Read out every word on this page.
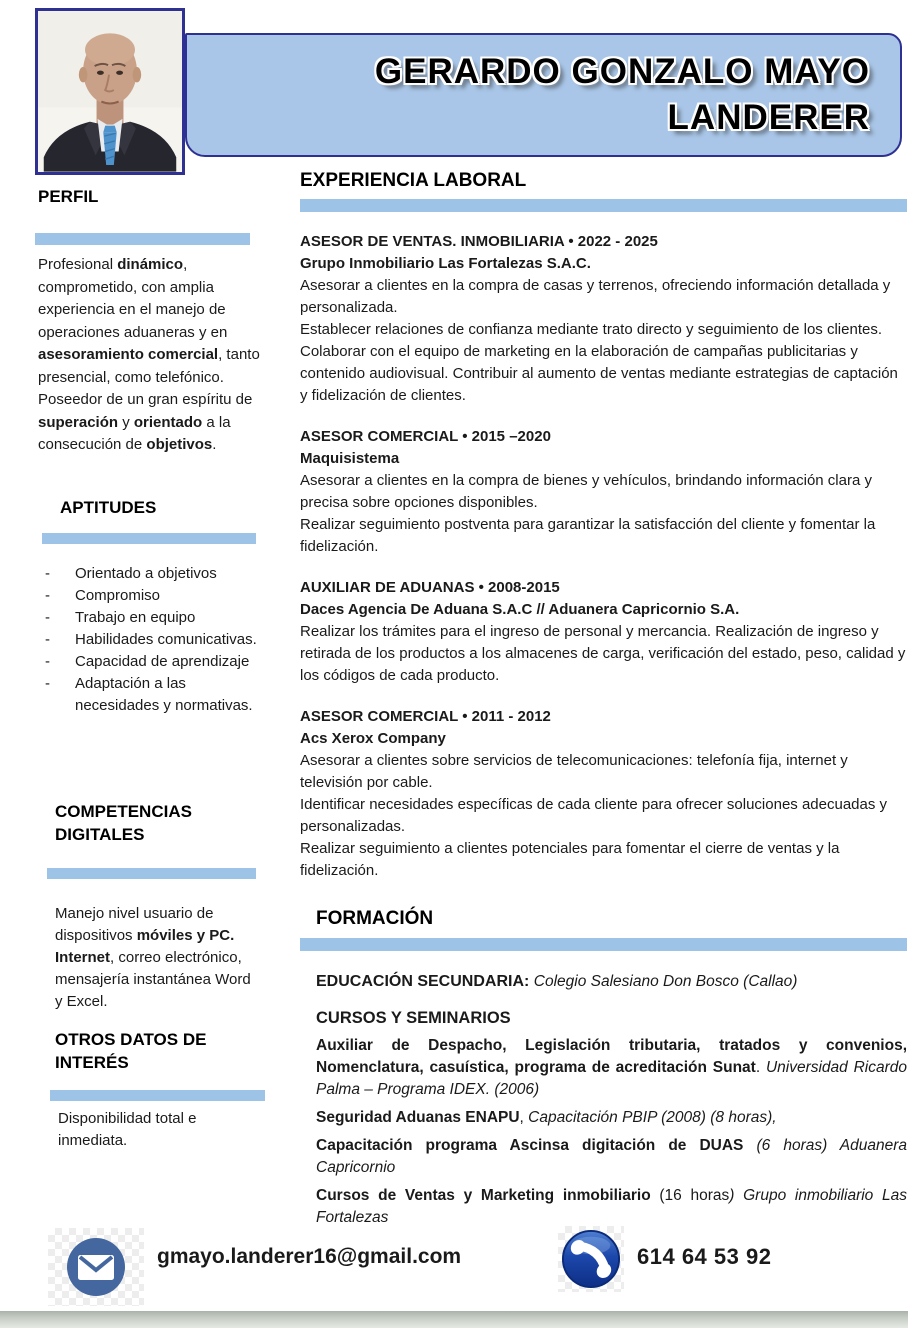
GERARDO GONZALO MAYO
LANDERER
PERFIL

Profesional dinámico, comprometido, con amplia experiencia en el manejo de operaciones aduaneras y en asesoramiento comercial, tanto presencial, como telefónico. Poseedor de un gran espíritu de superación y orientado a la consecución de objetivos.

APTITUDES
-	Orientado a objetivos
-	Compromiso
-	Trabajo en equipo
-	Habilidades comunicativas.
-	Capacidad de aprendizaje
-	Adaptación a las necesidades y normativas.
COMPETENCIAS DIGITALES

Manejo nivel usuario de dispositivos móviles y PC. Internet, correo electrónico, mensajería instantánea Word y Excel.

OTROS DATOS DE INTERÉS

Disponibilidad total e inmediata.

EXPERIENCIA LABORAL
ASESOR DE VENTAS. INMOBILIARIA • 2022 - 2025
Grupo Inmobiliario Las Fortalezas S.A.C.
Asesorar a clientes en la compra de casas y terrenos, ofreciendo información detallada y personalizada.
Establecer relaciones de confianza mediante trato directo y seguimiento de los clientes.
Colaborar con el equipo de marketing en la elaboración de campañas publicitarias y contenido audiovisual. Contribuir al aumento de ventas mediante estrategias de captación y fidelización de clientes.
ASESOR COMERCIAL • 2015 –2020
Maquisistema
Asesorar a clientes en la compra de bienes y vehículos, brindando información clara y precisa sobre opciones disponibles.
Realizar seguimiento postventa para garantizar la satisfacción del cliente y fomentar la fidelización.
AUXILIAR DE ADUANAS • 2008-2015
Daces Agencia De Aduana S.A.C // Aduanera Capricornio S.A.
Realizar los trámites para el ingreso de personal y mercancia. Realización de ingreso y retirada de los productos a los almacenes de carga, verificación del estado, peso, calidad y los códigos de cada producto.
ASESOR COMERCIAL • 2011 - 2012
Acs Xerox Company
Asesorar a clientes sobre servicios de telecomunicaciones: telefonía fija, internet y televisión por cable.
Identificar necesidades específicas de cada cliente para ofrecer soluciones adecuadas y personalizadas.
Realizar seguimiento a clientes potenciales para fomentar el cierre de ventas y la fidelización.
FORMACIÓN
EDUCACIÓN SECUNDARIA: Colegio Salesiano Don Bosco (Callao)
CURSOS Y SEMINARIOS

Auxiliar de Despacho, Legislación tributaria, tratados y convenios, Nomenclatura, casuística, programa de acreditación Sunat. Universidad Ricardo Palma – Programa IDEX. (2006)

Seguridad Aduanas ENAPU, Capacitación PBIP (2008) (8 horas),

Capacitación programa Ascinsa digitación de DUAS (6 horas) Aduanera Capricornio

Cursos de Ventas y Marketing inmobiliario (16 horas) Grupo inmobiliario Las Fortalezas

gmayo.landerer16@gmail.com	614 64 53 92
